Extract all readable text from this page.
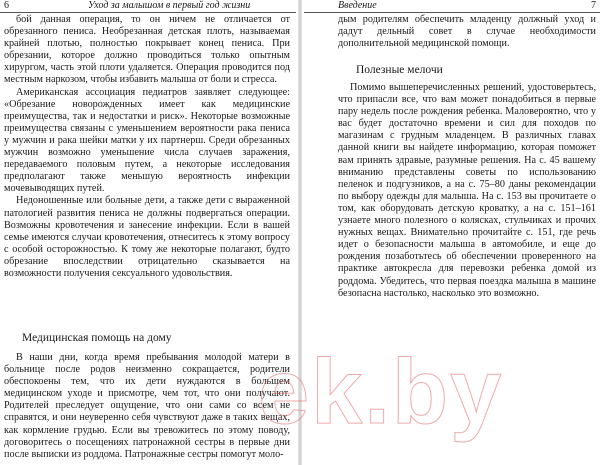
6	Уход за малышом в первый год жизни

бой данная операция, то он ничем не отличается от обрезанного пениса. Необрезанная детская плоть, называемая крайней плотью, полностью покрывает конец пениса. При обрезании, которое должно проводиться только опытным хирургом, часть этой плоти удаляется. Операция проводится под местным наркозом, чтобы избавить малыша от боли и стресса.

Американская ассоциация педиатров заявляет следующее: «Обрезание новорожденных имеет как медицинские преимущества, так и недостатки и риск». Некоторые возможные преимущества связаны с уменьшением вероятности рака пениса у мужчин и рака шейки матки у их партнерш. Среди обрезанных мужчин возможно уменьшение числа случаев заражения, передаваемого половым путем, а некоторые исследования предполагают также меньшую вероятность инфекции мочевыводящих путей.

Недоношенные или больные дети, а также дети с выраженной патологией развития пениса не должны подвергаться операции. Возможны кровотечения и занесение инфекции. Если в вашей семье имеются случаи кровотечения, отнеситесь к этому вопросу с особой осторожностью. К тому же некоторые полагают, будто обрезание впоследствии отрицательно сказывается на возможности получения сексуального удовольствия.

Медицинская помощь на дому

В наши дни, когда время пребывания молодой матери в больнице после родов неизменно сокращается, родители обеспокоены тем, что их дети нуждаются в большем медицинском уходе и присмотре, чем тот, что они получают. Родителей преследует ощущение, что они сами со всем не справятся, и они неуверенно себя чувствуют даже в таких вещах, как кормление грудью. Если вы тревожитесь по этому поводу, договоритесь о посещениях патронажной сестры в первые дни после выписки из роддома. Патронажные сестры помогут моло-

Введение	7

дым родителям обеспечить младенцу должный уход и дадут дельный совет в случае необходимости дополнительной медицинской помощи.

Полезные мелочи

Помимо вышеперечисленных решений, удостоверьтесь, что припасли все, что вам может понадобиться в первые пару недель после рождения ребенка. Маловероятно, что у вас будет достаточно времени и сил для походов по магазинам с грудным младенцем. В различных главах данной книги вы найдете информацию, которая поможет вам принять здравые, разумные решения. На с. 45 вашему вниманию представлены советы по использованию пеленок и подгузников, а на с. 75–80 даны рекомендации по выбору одежды для малыша. На с. 153 вы прочитаете о том, как оборудовать детскую кроватку, а на с. 151–161 узнаете много полезного о колясках, стульчиках и прочих нужных вещах. Внимательно прочитайте с. 151, где речь идет о безопасности малыша в автомобиле, и еще до рождения позаботьтесь об обеспечении проверенного на практике автокресла для перевозки ребенка домой из роддома. Убедитесь, что первая поездка малыша в машине безопасна настолько, насколько это возможно.

ek.by
